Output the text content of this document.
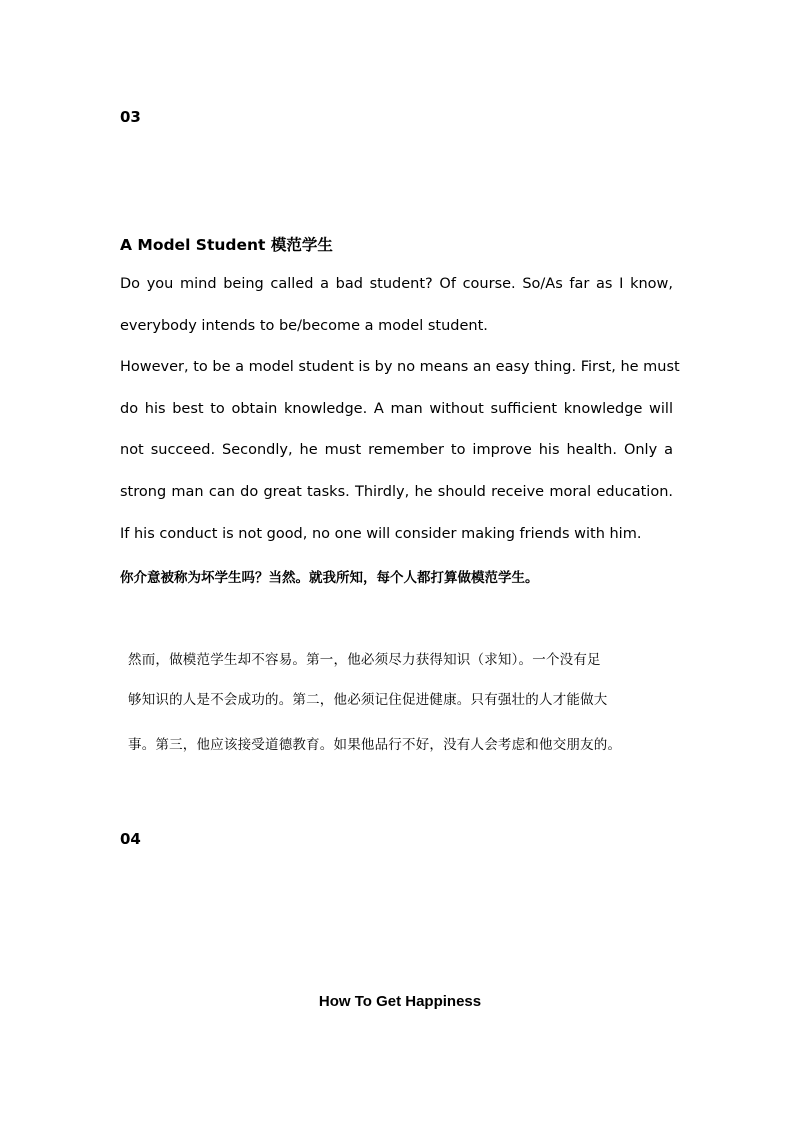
03
A Model Student 模范学生
Do you mind being called a bad student? Of course. So/As far as I know,
everybody intends to be/become a model student.
However, to be a model student is by no means an easy thing. First, he must
do his best to obtain knowledge. A man without sufficient knowledge will
not succeed. Secondly, he must remember to improve his health. Only a
strong man can do great tasks. Thirdly, he should receive moral education.
If his conduct is not good, no one will consider making friends with him.
你介意被称为坏学生吗？当然。就我所知，每个人都打算做模范学生。
然而，做模范学生却不容易。第一，他必须尽力获得知识（求知）。一个没有足
够知识的人是不会成功的。第二，他必须记住促进健康。只有强壮的人才能做大
事。第三，他应该接受道德教育。如果他品行不好，没有人会考虑和他交朋友的。
04
How To Get Happiness
